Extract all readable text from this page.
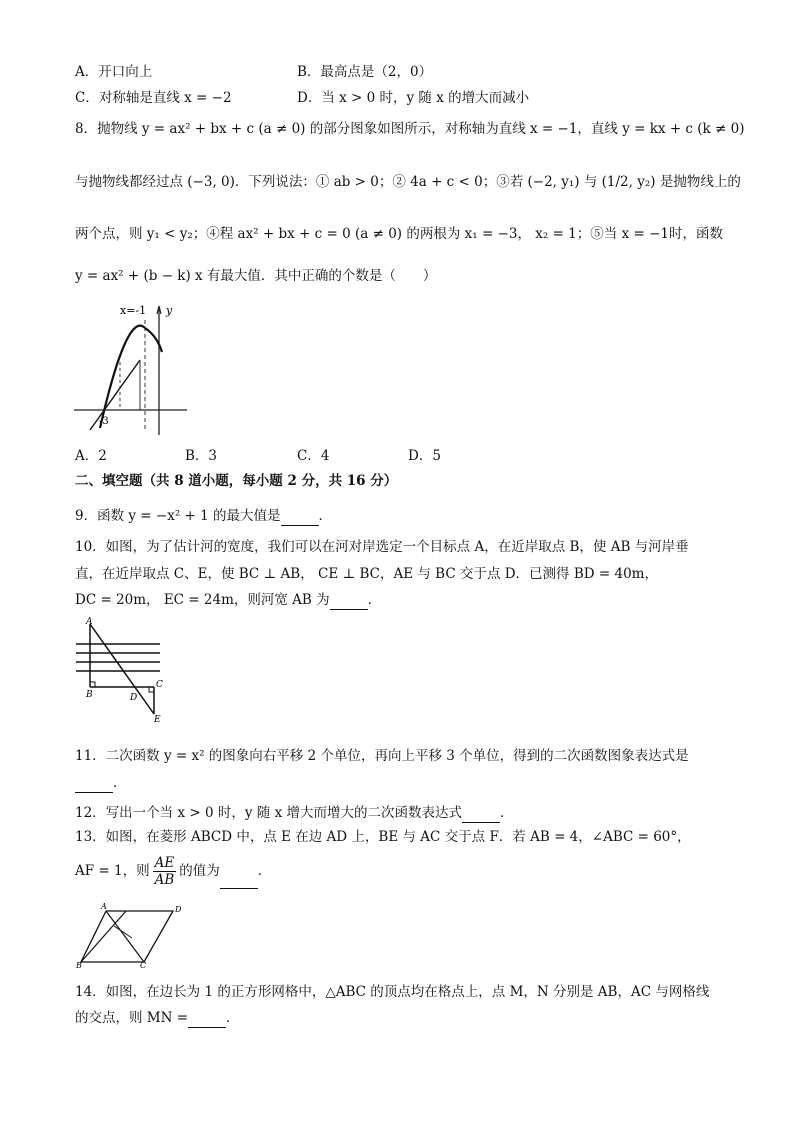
A．开口向上	B．最高点是（2，0）
C．对称轴是直线 x = −2	D．当 x > 0 时，y 随 x 的增大而减小
8．抛物线 y = ax² + bx + c (a ≠ 0) 的部分图象如图所示，对称轴为直线 x = −1，直线 y = kx + c (k ≠ 0)
与抛物线都经过点 (−3, 0)．下列说法：① ab > 0；② 4a + c < 0；③若 (−2, y₁) 与 (1/2, y₂) 是抛物线上的
两个点，则 y₁ < y₂；④程 ax² + bx + c = 0 (a ≠ 0) 的两根为 x₁ = −3， x₂ = 1；⑤当 x = −1时，函数
y = ax² + (b − k) x 有最大值．其中正确的个数是（　　）
x=-1 y
-3
A．2	B．3	C．4	D．5
二、填空题（共 8 道小题，每小题 2 分，共 16 分）
9．函数 y = −x² + 1 的最大值是	．
10．如图，为了估计河的宽度，我们可以在河对岸选定一个目标点 A，在近岸取点 B，使 AB 与河岸垂
直，在近岸取点 C、E，使 BC ⊥ AB， CE ⊥ BC，AE 与 BC 交于点 D．已测得 BD = 40m，
DC = 20m， EC = 24m，则河宽 AB 为	．
A
B
C
D
E
11．二次函数 y = x² 的图象向右平移 2 个单位，再向上平移 3 个单位，得到的二次函数图象表达式是
．
12．写出一个当 x > 0 时，y 随 x 增大而增大的二次函数表达式	．
13．如图，在菱形 ABCD 中，点 E 在边 AD 上，BE 与 AC 交于点 F．若 AB = 4，∠ABC = 60°，
AF = 1，则 $\frac{AE}{AB}$ 的值为	．
A	D
B	C
14．如图，在边长为 1 的正方形网格中，△ABC 的顶点均在格点上，点 M，N 分别是 AB，AC 与网格线
的交点，则 MN =	．
